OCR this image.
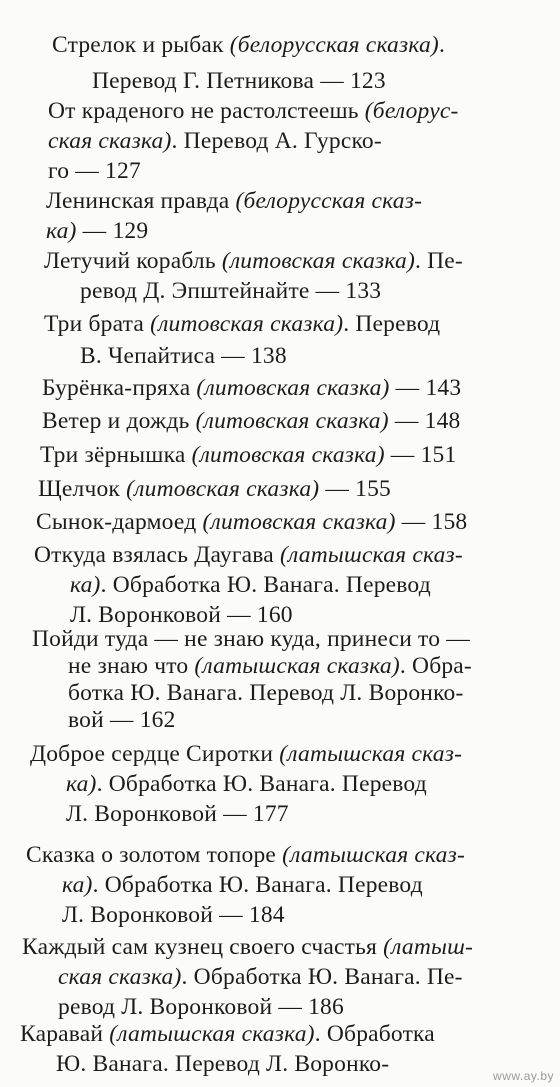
Стрелок и рыбак (белорусская сказка).
Перевод Г. Петникова — 123
От краденого не растолстеешь (белорус-
ская сказка). Перевод А. Гурско-
го — 127
Ленинская правда (белорусская сказ-
ка) — 129
Летучий корабль (литовская сказка). Пе-
ревод Д. Эпштейнайте — 133
Три брата (литовская сказка). Перевод
В. Чепайтиса — 138
Бурёнка-пряха (литовская сказка) — 143
Ветер и дождь (литовская сказка) — 148
Три зёрнышка (литовская сказка) — 151
Щелчок (литовская сказка) — 155
Сынок-дармоед (литовская сказка) — 158
Откуда взялась Даугава (латышская сказ-
ка). Обработка Ю. Ванага. Перевод
Л. Воронковой — 160
Пойди туда — не знаю куда, принеси то —
не знаю что (латышская сказка). Обра-
ботка Ю. Ванага. Перевод Л. Воронко-
вой — 162
Доброе сердце Сиротки (латышская сказ-
ка). Обработка Ю. Ванага. Перевод
Л. Воронковой — 177
Сказка о золотом топоре (латышская сказ-
ка). Обработка Ю. Ванага. Перевод
Л. Воронковой — 184
Каждый сам кузнец своего счастья (латыш-
ская сказка). Обработка Ю. Ванага. Пе-
ревод Л. Воронковой — 186
Каравай (латышская сказка). Обработка
Ю. Ванага. Перевод Л. Воронко-	www.ay.by
